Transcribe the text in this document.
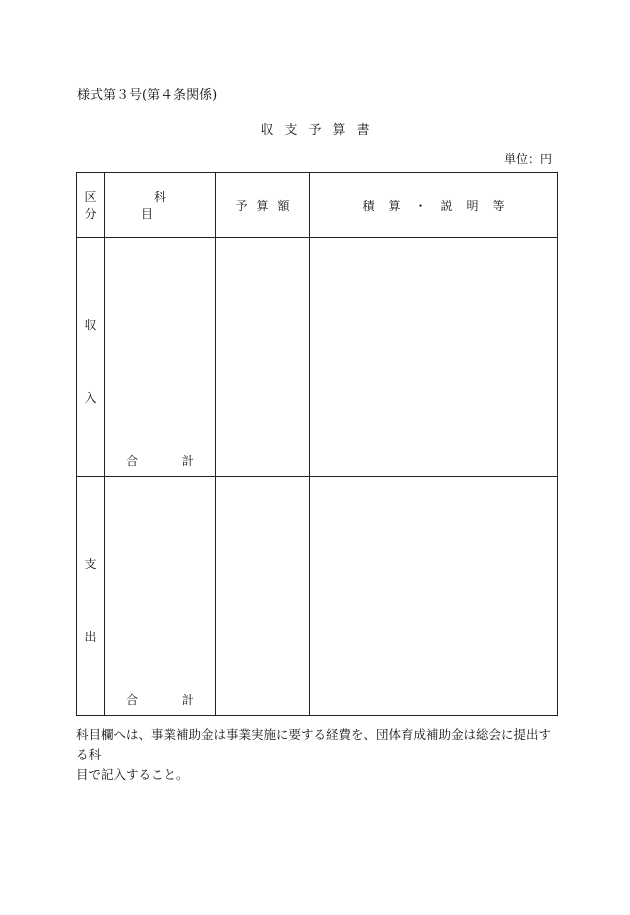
様式第３号(第４条関係)
収支予算書
単位：円
区
分	科　目	予算額	積算・説明等

収
入	合 計		

支
出	合 計		

科目欄へは、事業補助金は事業実施に要する経費を、団体育成補助金は総会に提出する科
目で記入すること。
